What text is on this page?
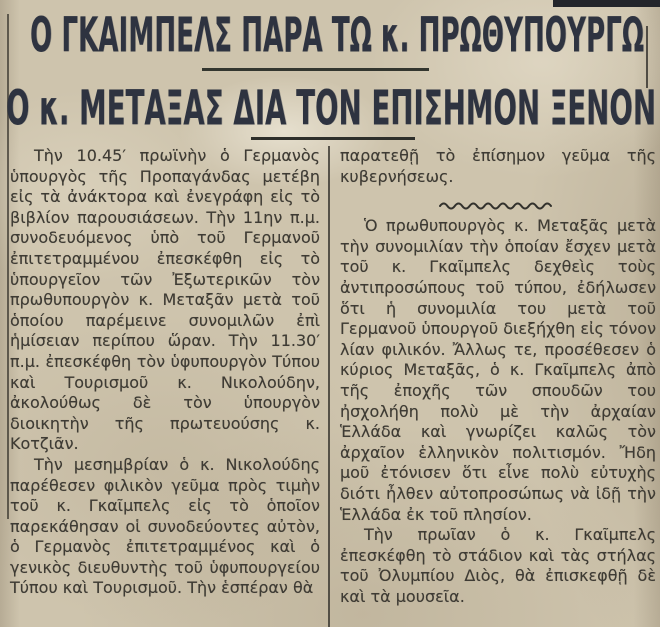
Ο ΓΚΑΙΜΠΕΛΣ ΠΑΡΑ ΤΩ κ. ΠΡΩΘΥΠΟΥΡΓΩ
Ο κ. ΜΕΤΑΞΑΣ ΔΙΑ ΤΟΝ ΕΠΙΣΗΜΟΝ ΞΕΝΟΝ

Τὴν 10.45′ πρωϊνὴν ὁ Γερμανὸς ὑπουργὸς τῆς Προπαγάνδας μετέβη εἰς τὰ ἀνάκτορα καὶ ἐνεγράφη εἰς τὸ βιβλίον παρουσιάσεων. Τὴν 11ην π.μ. συνοδευόμενος ὑπὸ τοῦ Γερμανοῦ ἐπιτετραμμένου ἐπεσκέφθη εἰς τὸ ὑπουργεῖον τῶν Ἐξωτερικῶν τὸν πρωθυπουργὸν κ. Μεταξᾶν μετὰ τοῦ ὁποίου παρέμεινε συνομιλῶν ἐπὶ ἡμίσειαν περίπου ὥραν. Τὴν 11.30′ π.μ. ἐπεσκέφθη τὸν ὑφυπουργὸν Τύπου καὶ Τουρισμοῦ κ. Νικολούδην, ἀκολούθως δὲ τὸν ὑπουργὸν διοικητὴν τῆς πρωτευούσης κ. Κοτζιᾶν.

Τὴν μεσημβρίαν ὁ κ. Νικολούδης παρέθεσεν φιλικὸν γεῦμα πρὸς τιμὴν τοῦ κ. Γκαῖμπελς εἰς τὸ ὁποῖον παρεκάθησαν οἱ συνοδεύοντες αὐτὸν, ὁ Γερμανὸς ἐπιτετραμμένος καὶ ὁ γενικὸς διευθυντὴς τοῦ ὑφυπουργείου Τύπου καὶ Τουρισμοῦ. Τὴν ἑσπέραν θὰ

παρατεθῇ τὸ ἐπίσημον γεῦμα τῆς κυβερνήσεως.

Ὁ πρωθυπουργὸς κ. Μεταξᾶς μετὰ τὴν συνομιλίαν τὴν ὁποίαν ἔσχεν μετὰ τοῦ κ. Γκαῖμπελς δεχθεὶς τοὺς ἀντιπροσώπους τοῦ τύπου, ἐδήλωσεν ὅτι ἡ συνομιλία του μετὰ τοῦ Γερμανοῦ ὑπουργοῦ διεξήχθη εἰς τόνον λίαν φιλικόν. Ἄλλως τε, προσέθεσεν ὁ κύριος Μεταξᾶς, ὁ κ. Γκαῖμπελς ἀπὸ τῆς ἐποχῆς τῶν σπουδῶν του ἠσχολήθη πολὺ μὲ τὴν ἀρχαίαν Ἑλλάδα καὶ γνωρίζει καλῶς τὸν ἀρχαῖον ἑλληνικὸν πολιτισμόν. Ἤδη μοῦ ἐτόνισεν ὅτι εἶνε πολὺ εὐτυχὴς διότι ἦλθεν αὐτοπροσώπως νὰ ἰδῇ τὴν Ἑλλάδα ἐκ τοῦ πλησίον.

Τὴν πρωῖαν ὁ κ. Γκαῖμπελς ἐπεσκέφθη τὸ στάδιον καὶ τὰς στήλας τοῦ Ὀλυμπίου Διὸς, θὰ ἐπισκεφθῇ δὲ καὶ τὰ μουσεῖα.
